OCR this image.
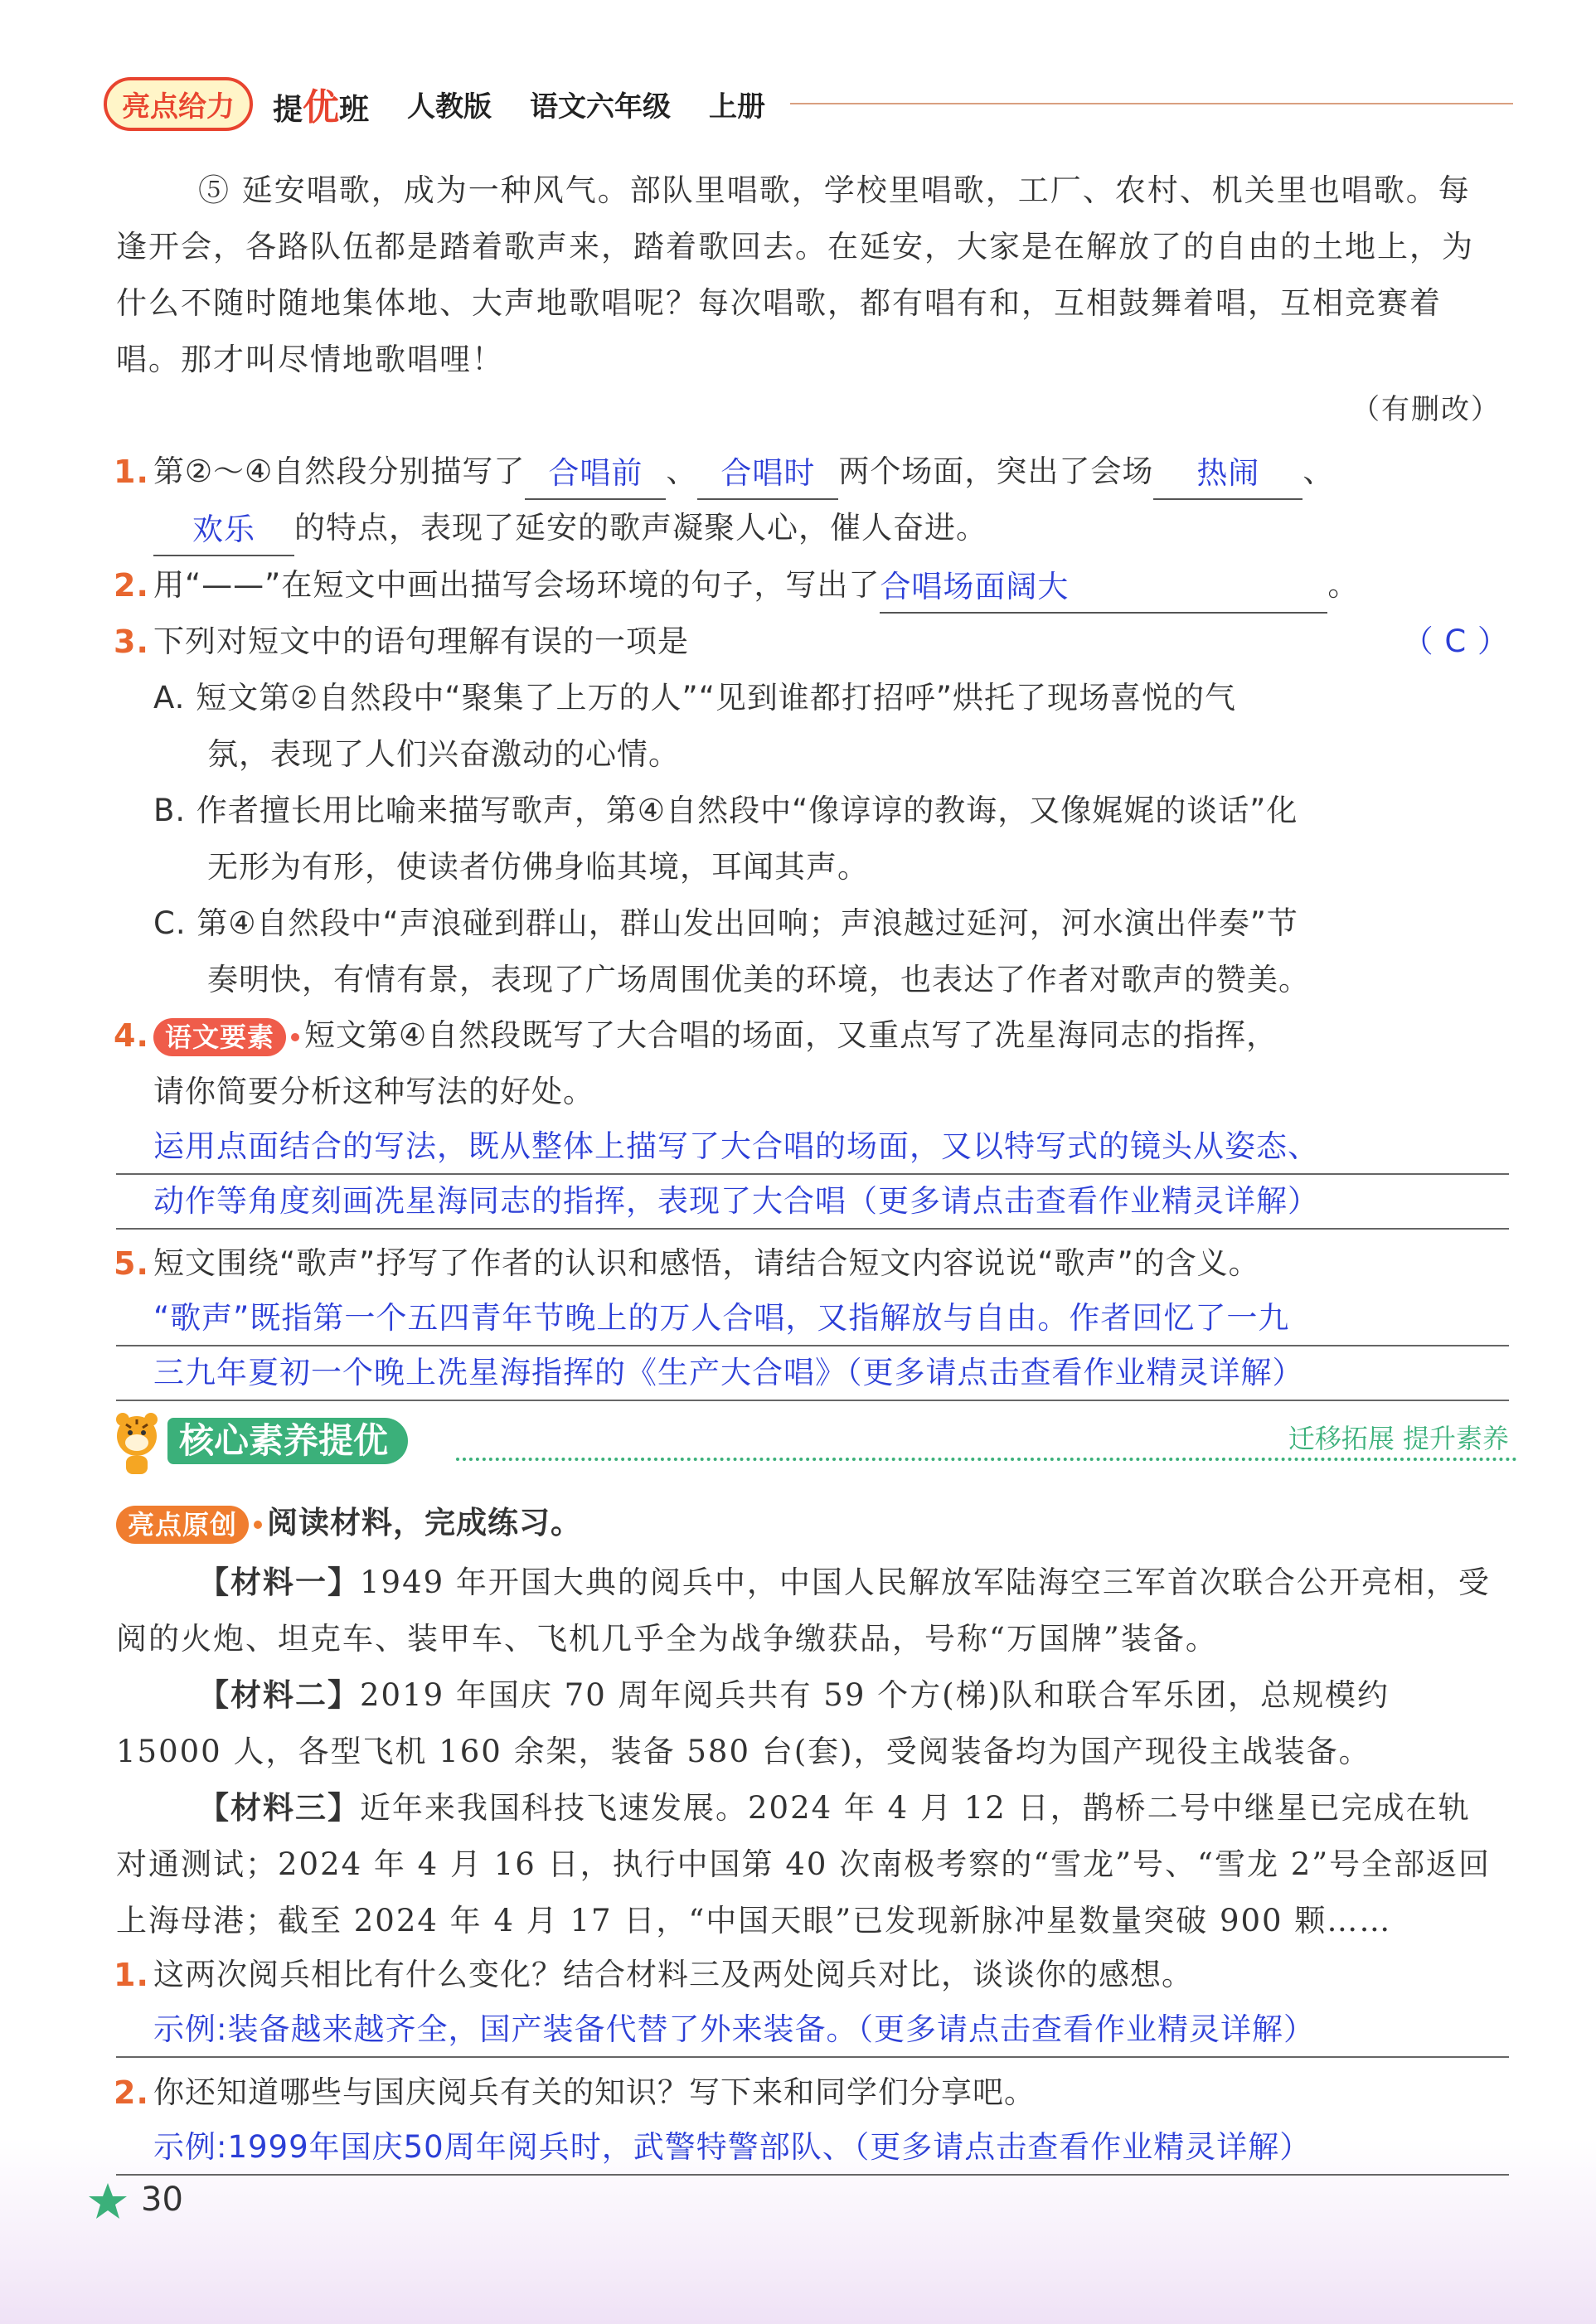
亮点给力	提优班 人教版 语文六年级 上册
⑤ 延安唱歌，成为一种风气。部队里唱歌，学校里唱歌，工厂、农村、机关里也唱歌。每逢开会，各路队伍都是踏着歌声来，踏着歌回去。在延安，大家是在解放了的自由的土地上，为什么不随时随地集体地、大声地歌唱呢？每次唱歌，都有唱有和，互相鼓舞着唱，互相竞赛着唱。那才叫尽情地歌唱哩！
（有删改）
1. 第②～④自然段分别描写了 合唱前 、 合唱时 两个场面，突出了会场 热闹 、
欢乐 的特点，表现了延安的歌声凝聚人心，催人奋进。
2. 用“——”在短文中画出描写会场环境的句子，写出了合唱场面阔大	。
3. 下列对短文中的语句理解有误的一项是	（ C ）
A. 短文第②自然段中“聚集了上万的人”“见到谁都打招呼”烘托了现场喜悦的气
氛，表现了人们兴奋激动的心情。
B. 作者擅长用比喻来描写歌声，第④自然段中“像谆谆的教诲，又像娓娓的谈话”化
无形为有形，使读者仿佛身临其境，耳闻其声。
C. 第④自然段中“声浪碰到群山，群山发出回响；声浪越过延河，河水演出伴奏”节
奏明快，有情有景，表现了广场周围优美的环境，也表达了作者对歌声的赞美。
4. 语文要素 短文第④自然段既写了大合唱的场面，又重点写了冼星海同志的指挥，
请你简要分析这种写法的好处。
运用点面结合的写法，既从整体上描写了大合唱的场面，又以特写式的镜头从姿态、
动作等角度刻画冼星海同志的指挥，表现了大合唱（更多请点击查看作业精灵详解）
5. 短文围绕“歌声”抒写了作者的认识和感悟，请结合短文内容说说“歌声”的含义。
“歌声”既指第一个五四青年节晚上的万人合唱，又指解放与自由。作者回忆了一九
三九年夏初一个晚上冼星海指挥的《生产大合唱》（更多请点击查看作业精灵详解）
核心素养提优	迁移拓展 提升素养
亮点原创 阅读材料，完成练习。
【材料一】1949 年开国大典的阅兵中，中国人民解放军陆海空三军首次联合公开亮相，受阅的火炮、坦克车、装甲车、飞机几乎全为战争缴获品，号称“万国牌”装备。
【材料二】2019 年国庆 70 周年阅兵共有 59 个方(梯)队和联合军乐团，总规模约 15000 人，各型飞机 160 余架，装备 580 台(套)，受阅装备均为国产现役主战装备。
【材料三】近年来我国科技飞速发展。2024 年 4 月 12 日，鹊桥二号中继星已完成在轨对通测试；2024 年 4 月 16 日，执行中国第 40 次南极考察的“雪龙”号、“雪龙 2”号全部返回上海母港；截至 2024 年 4 月 17 日，“中国天眼”已发现新脉冲星数量突破 900 颗……
1. 这两次阅兵相比有什么变化？结合材料三及两处阅兵对比，谈谈你的感想。
示例:装备越来越齐全，国产装备代替了外来装备。（更多请点击查看作业精灵详解）
2. 你还知道哪些与国庆阅兵有关的知识？写下来和同学们分享吧。
示例:1999年国庆50周年阅兵时，武警特警部队、（更多请点击查看作业精灵详解）
30
